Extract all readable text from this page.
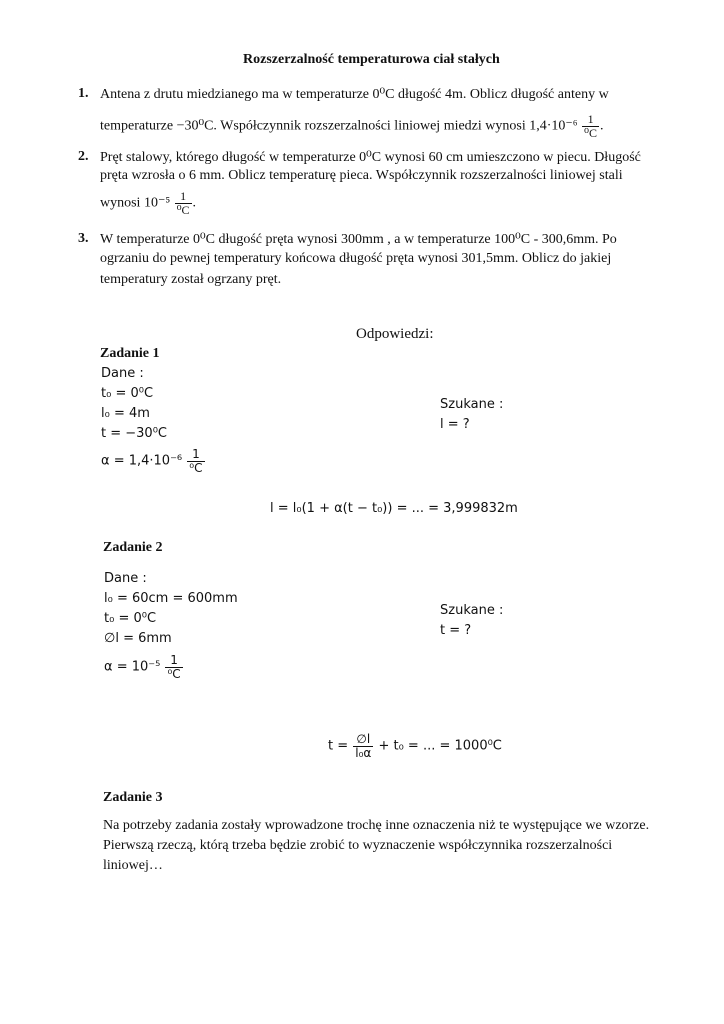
Rozszerzalność temperaturowa ciał stałych
1. Antena z drutu miedzianego ma w temperaturze 0⁰C długość 4m. Oblicz długość anteny w
temperaturze −30⁰C. Współczynnik rozszerzalności liniowej miedzi wynosi $1,4\cdot 10^{-6} \frac{1}{\text{⁰C}}$ .
2. Pręt stalowy, którego długość w temperaturze 0⁰C wynosi 60 cm umieszczono w piecu. Długość
pręta wzrosła o 6 mm. Oblicz temperaturę pieca. Współczynnik rozszerzalności liniowej stali
wynosi $10^{-5} \frac{1}{\text{⁰C}}$ .
3. W temperaturze 0⁰C długość pręta wynosi 300mm , a w temperaturze 100⁰C - 300,6mm. Po
ogrzaniu do pewnej temperatury końcowa długość pręta wynosi 301,5mm. Oblicz do jakiej
temperatury został ogrzany pręt.
Odpowiedzi:
Zadanie 1
Dane :
t₀ = 0⁰C
l₀ = 4m
t = −30⁰C
$\alpha = 1,4\cdot 10^{-6} \frac{1}{\text{⁰C}}$
Szukane :
l = ?
l = l₀(1 + α(t − t₀)) = ... = 3,999832m
Zadanie 2
Dane :
l₀ = 60cm = 600mm
t₀ = 0⁰C
∅l = 6mm
$\alpha = 10^{-5} \frac{1}{\text{⁰C}}$
Szukane :
t = ?
$t = \frac{\emptyset l}{\text{l₀α}} + t_0$ = ... = 1000⁰C
Zadanie 3
Na potrzeby zadania zostały wprowadzone trochę inne oznaczenia niż te występujące we wzorze.
Pierwszą rzeczą, którą trzeba będzie zrobić to wyznaczenie współczynnika rozszerzalności
liniowej…
